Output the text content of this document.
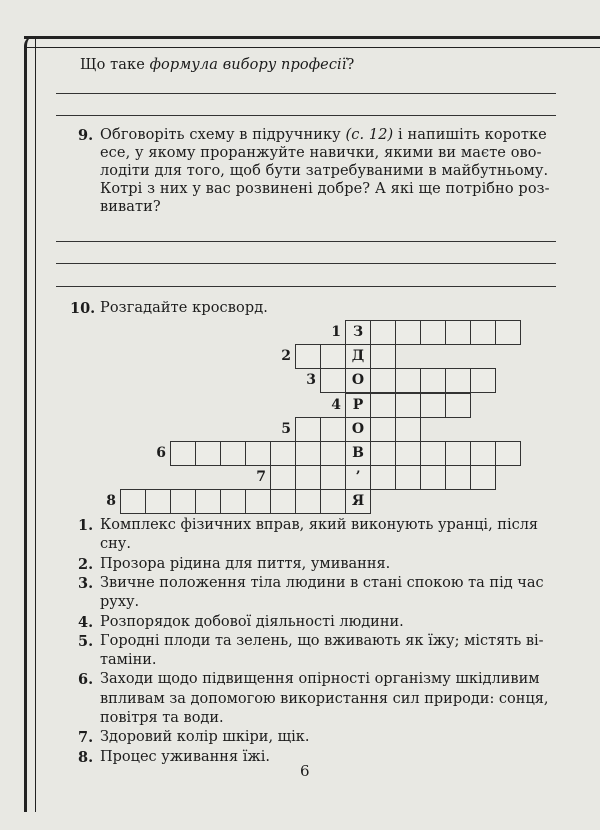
Що таке формула вибору професії?
9. Обговоріть схему в підручнику (c. 12) і напишіть коротке
есе, у якому проранжуйте навички, якими ви маєте ово-
лодіти для того, щоб бути затребуваними в майбутньому.
Котрі з них у вас розвинені добре? А які ще потрібно роз-
вивати?
10. Розгадайте кросворд.
1 З
2	Д
3	О
4 Р
5	О
6	В
7	’
8	Я
1. Комплекс фізичних вправ, який виконують уранці, після
сну.
2. Прозора рідина для пиття, умивання.
3. Звичне положення тіла людини в стані спокою та під час
руху.
4. Розпорядок добової діяльності людини.
5. Городні плоди та зелень, що вживають як їжу; містять ві-
таміни.
6. Заходи щодо підвищення опірності організму шкідливим
впливам за допомогою використання сил природи: сонця,
повітря та води.
7. Здоровий колір шкіри, щік.
8. Процес уживання їжі.
6
